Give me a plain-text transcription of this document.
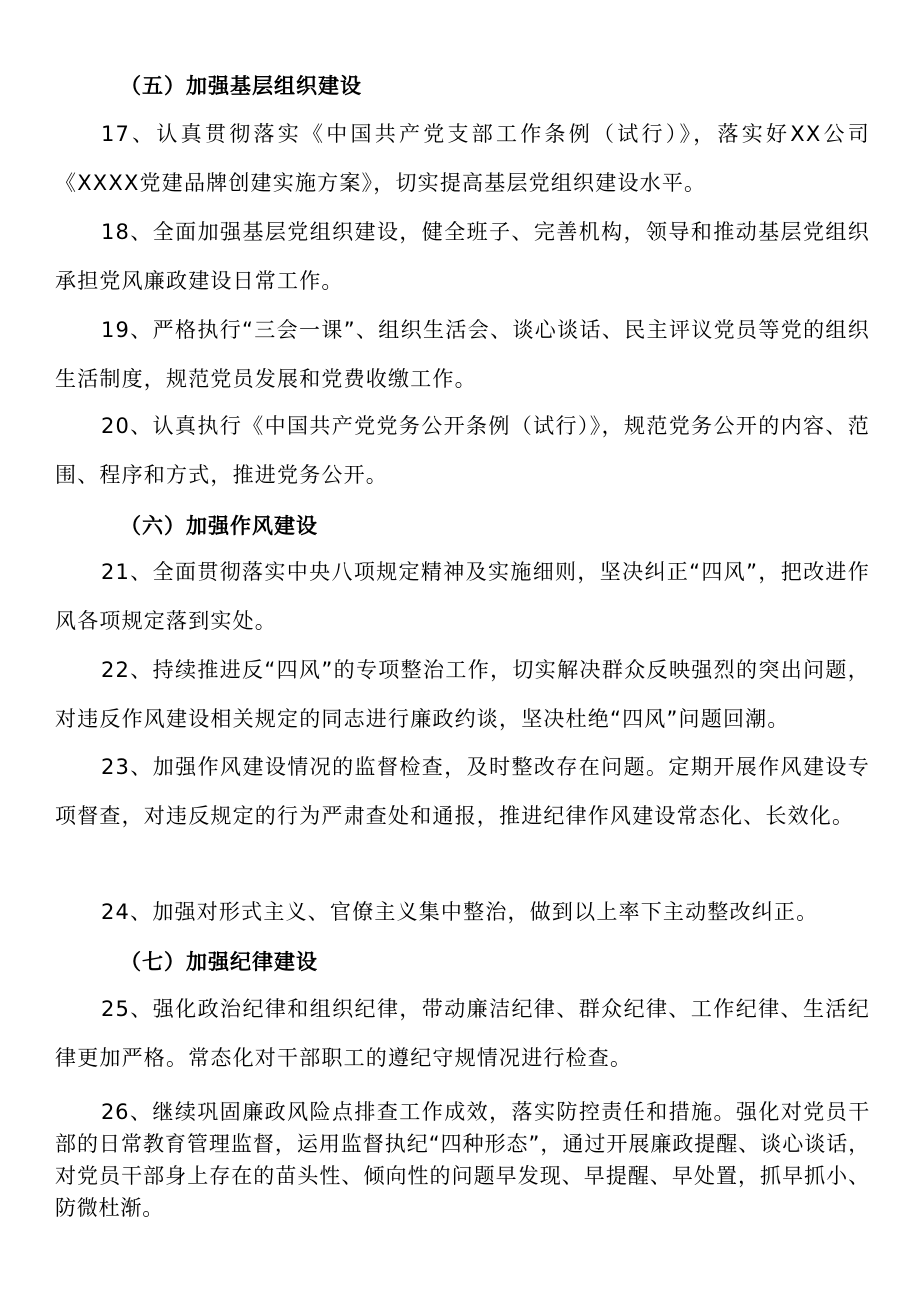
（五）加强基层组织建设

17、认真贯彻落实《中国共产党支部工作条例（试行）》，落实好XX公司《XXXX党建品牌创建实施方案》，切实提高基层党组织建设水平。

18、全面加强基层党组织建设，健全班子、完善机构，领导和推动基层党组织承担党风廉政建设日常工作。

19、严格执行“三会一课”、组织生活会、谈心谈话、民主评议党员等党的组织生活制度，规范党员发展和党费收缴工作。

20、认真执行《中国共产党党务公开条例（试行）》，规范党务公开的内容、范围、程序和方式，推进党务公开。

（六）加强作风建设

21、全面贯彻落实中央八项规定精神及实施细则，坚决纠正“四风”，把改进作风各项规定落到实处。

22、持续推进反“四风”的专项整治工作，切实解决群众反映强烈的突出问题，对违反作风建设相关规定的同志进行廉政约谈，坚决杜绝“四风”问题回潮。

23、加强作风建设情况的监督检查，及时整改存在问题。定期开展作风建设专项督查，对违反规定的行为严肃查处和通报，推进纪律作风建设常态化、长效化。

24、加强对形式主义、官僚主义集中整治，做到以上率下主动整改纠正。

（七）加强纪律建设

25、强化政治纪律和组织纪律，带动廉洁纪律、群众纪律、工作纪律、生活纪律更加严格。常态化对干部职工的遵纪守规情况进行检查。

26、继续巩固廉政风险点排查工作成效，落实防控责任和措施。强化对党员干部的日常教育管理监督，运用监督执纪“四种形态”，通过开展廉政提醒、谈心谈话，对党员干部身上存在的苗头性、倾向性的问题早发现、早提醒、早处置，抓早抓小、防微杜渐。
